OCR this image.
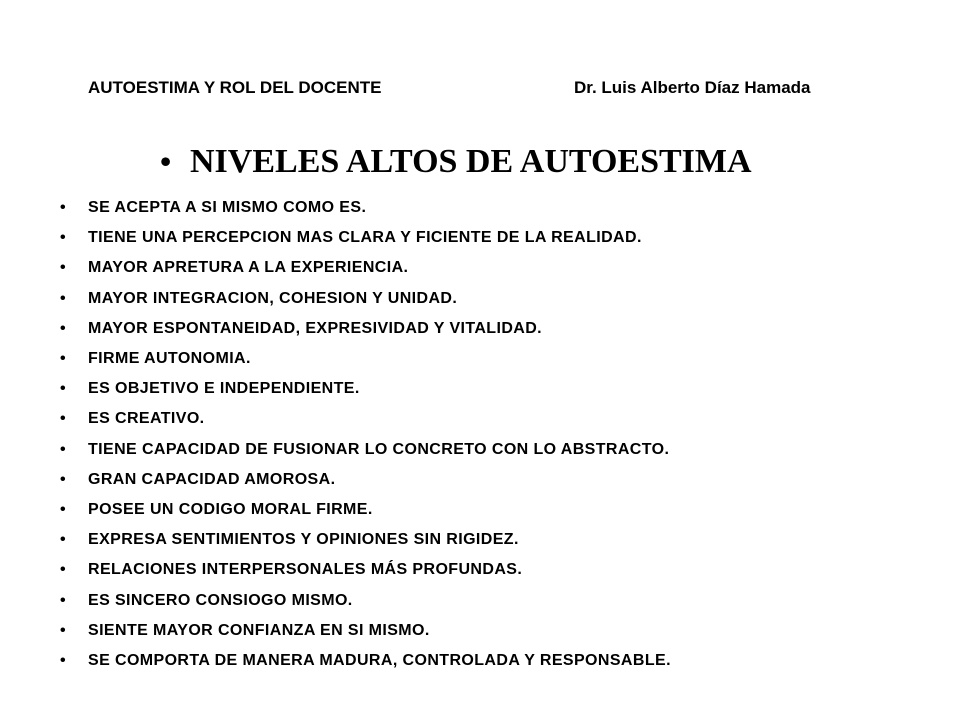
AUTOESTIMA Y ROL DEL DOCENTE	Dr. Luis Alberto Díaz Hamada
• NIVELES ALTOS DE AUTOESTIMA
•	SE ACEPTA A SI MISMO COMO ES.
•	TIENE UNA PERCEPCION MAS CLARA Y FICIENTE DE LA REALIDAD.
•	MAYOR APRETURA A LA EXPERIENCIA.
•	MAYOR INTEGRACION, COHESION Y UNIDAD.
•	MAYOR ESPONTANEIDAD, EXPRESIVIDAD Y VITALIDAD.
•	FIRME AUTONOMIA.
•	ES OBJETIVO E INDEPENDIENTE.
•	ES CREATIVO.
•	TIENE CAPACIDAD DE FUSIONAR LO CONCRETO CON LO ABSTRACTO.
•	GRAN CAPACIDAD AMOROSA.
•	POSEE UN CODIGO MORAL FIRME.
•	EXPRESA SENTIMIENTOS Y OPINIONES SIN RIGIDEZ.
•	RELACIONES INTERPERSONALES MÁS PROFUNDAS.
•	ES SINCERO CONSIOGO MISMO.
•	SIENTE MAYOR CONFIANZA EN SI MISMO.
•	SE COMPORTA DE MANERA MADURA, CONTROLADA Y RESPONSABLE.
